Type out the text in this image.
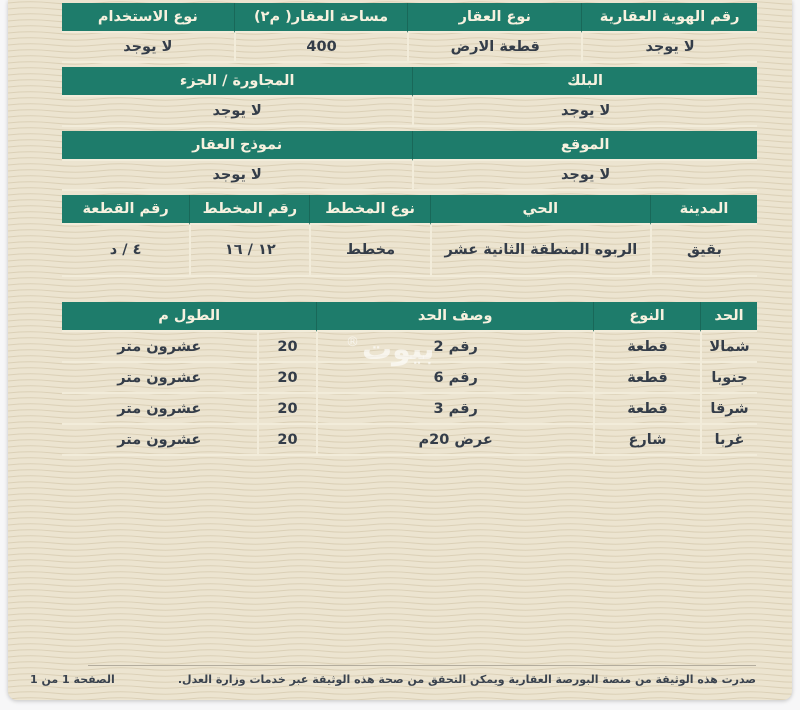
رقم الهوية العقارية	نوع العقار	مساحة العقار( م٢)	نوع الاستخدام
لا يوجد	قطعة الارض	400	لا يوجد
البلك	المجاورة / الجزء
لا يوجد	لا يوجد
الموقع	نموذج العقار
لا يوجد	لا يوجد
المدينة	الحي	نوع المخطط	رقم المخطط	رقم القطعة
بقيق	الربوه المنطقة الثانية عشر	مخطط	١٢ / ١٦	٤ / د
الحد	النوع	وصف الحد	الطول م	
شمالا	قطعة	رقم 2	20	عشرون متر
جنوبا	قطعة	رقم 6	20	عشرون متر
شرقا	قطعة	رقم 3	20	عشرون متر
غربا	شارع	عرض 20م	20	عشرون متر
بيوت
®
صدرت هذه الوثيقة من منصة البورصة العقارية ويمكن التحقق من صحة هذه الوثيقة عبر خدمات وزارة العدل.
الصفحة 1 من 1
